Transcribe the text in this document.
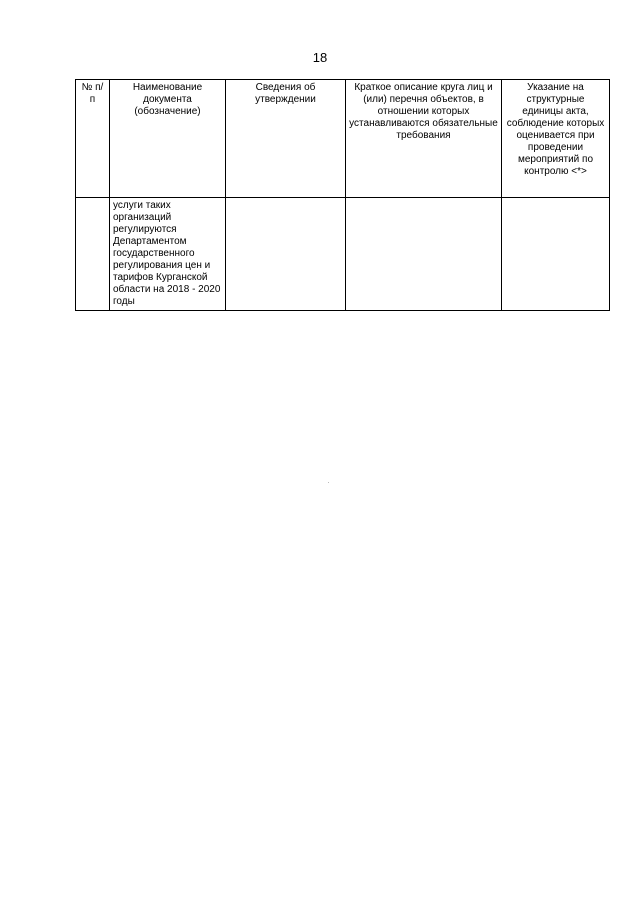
18
№ п/п	Наименование документа (обозначение)	Сведения об утверждении	Краткое описание круга лиц и (или) перечня объектов, в отношении которых устанавливаются обязательные требования	Указание на структурные единицы акта, соблюдение которых оценивается при проведении мероприятий по контролю <*>
	услуги таких организаций регулируются Департаментом государственного регулирования цен и тарифов Курганской области на 2018 - 2020 годы			
